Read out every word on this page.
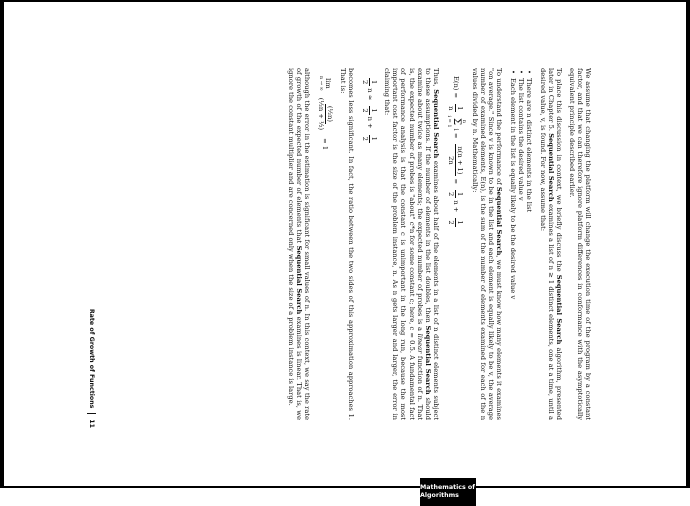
We assume that changing the platform will change the execution time of the program by a constant factor, and that we can therefore ignore platform differences in conformance with the asymptotically equivalent principle described earlier.

To place this discussion in context, we briefly discuss the Sequential Search algorithm, presented later in Chapter 5. Sequential Search examines a list of n ≥ 1 distinct elements, one at a time, until a desired value, v, is found. For now, assume that:

• There are n distinct elements in the list
• The list contains the desired value v
• Each element in the list is equally likely to be the desired value v

To understand the performance of Sequential Search, we must know how many elements it examines "on average." Since v is known to be in the list and each element is equally likely to be v, the average number of examined elements, E(n), is the sum of the number of elements examined for each of the n values divided by n. Mathematically:

E(n) =
1
n
n
Σ
i = 1
i =
n(n + 1)
2n
=
1
2
n +
1
2

Thus, Sequential Search examines about half of the elements in a list of n distinct elements subject to these assumptions. If the number of elements in the list doubles, then Sequential Search should examine about twice as many elements; the expected number of probes is a linear function of n. That is, the expected number of probes is "about" c*n for some constant c; here, c = 0.5. A fundamental fact of performance analysis is that the constant c is unimportant in the long run, because the most important cost factor is the size of the problem instance, n. As n gets larger and larger, the error in claiming that:

1
2
n ≈
1
2
n +
1
2

becomes less significant. In fact, the ratio between the two sides of this approximation approaches 1. That is:

lim
n → ∞
(½n)
(½n + ½)
= 1

although the error in the estimation is significant for small values of n. In this context, we say the rate of growth of the expected number of elements that Sequential Search examines is linear. That is, we ignore the constant multiplier and are concerned only when the size of a problem instance is large.

Mathematics of Algorithms
Rate of Growth of Functions
11
